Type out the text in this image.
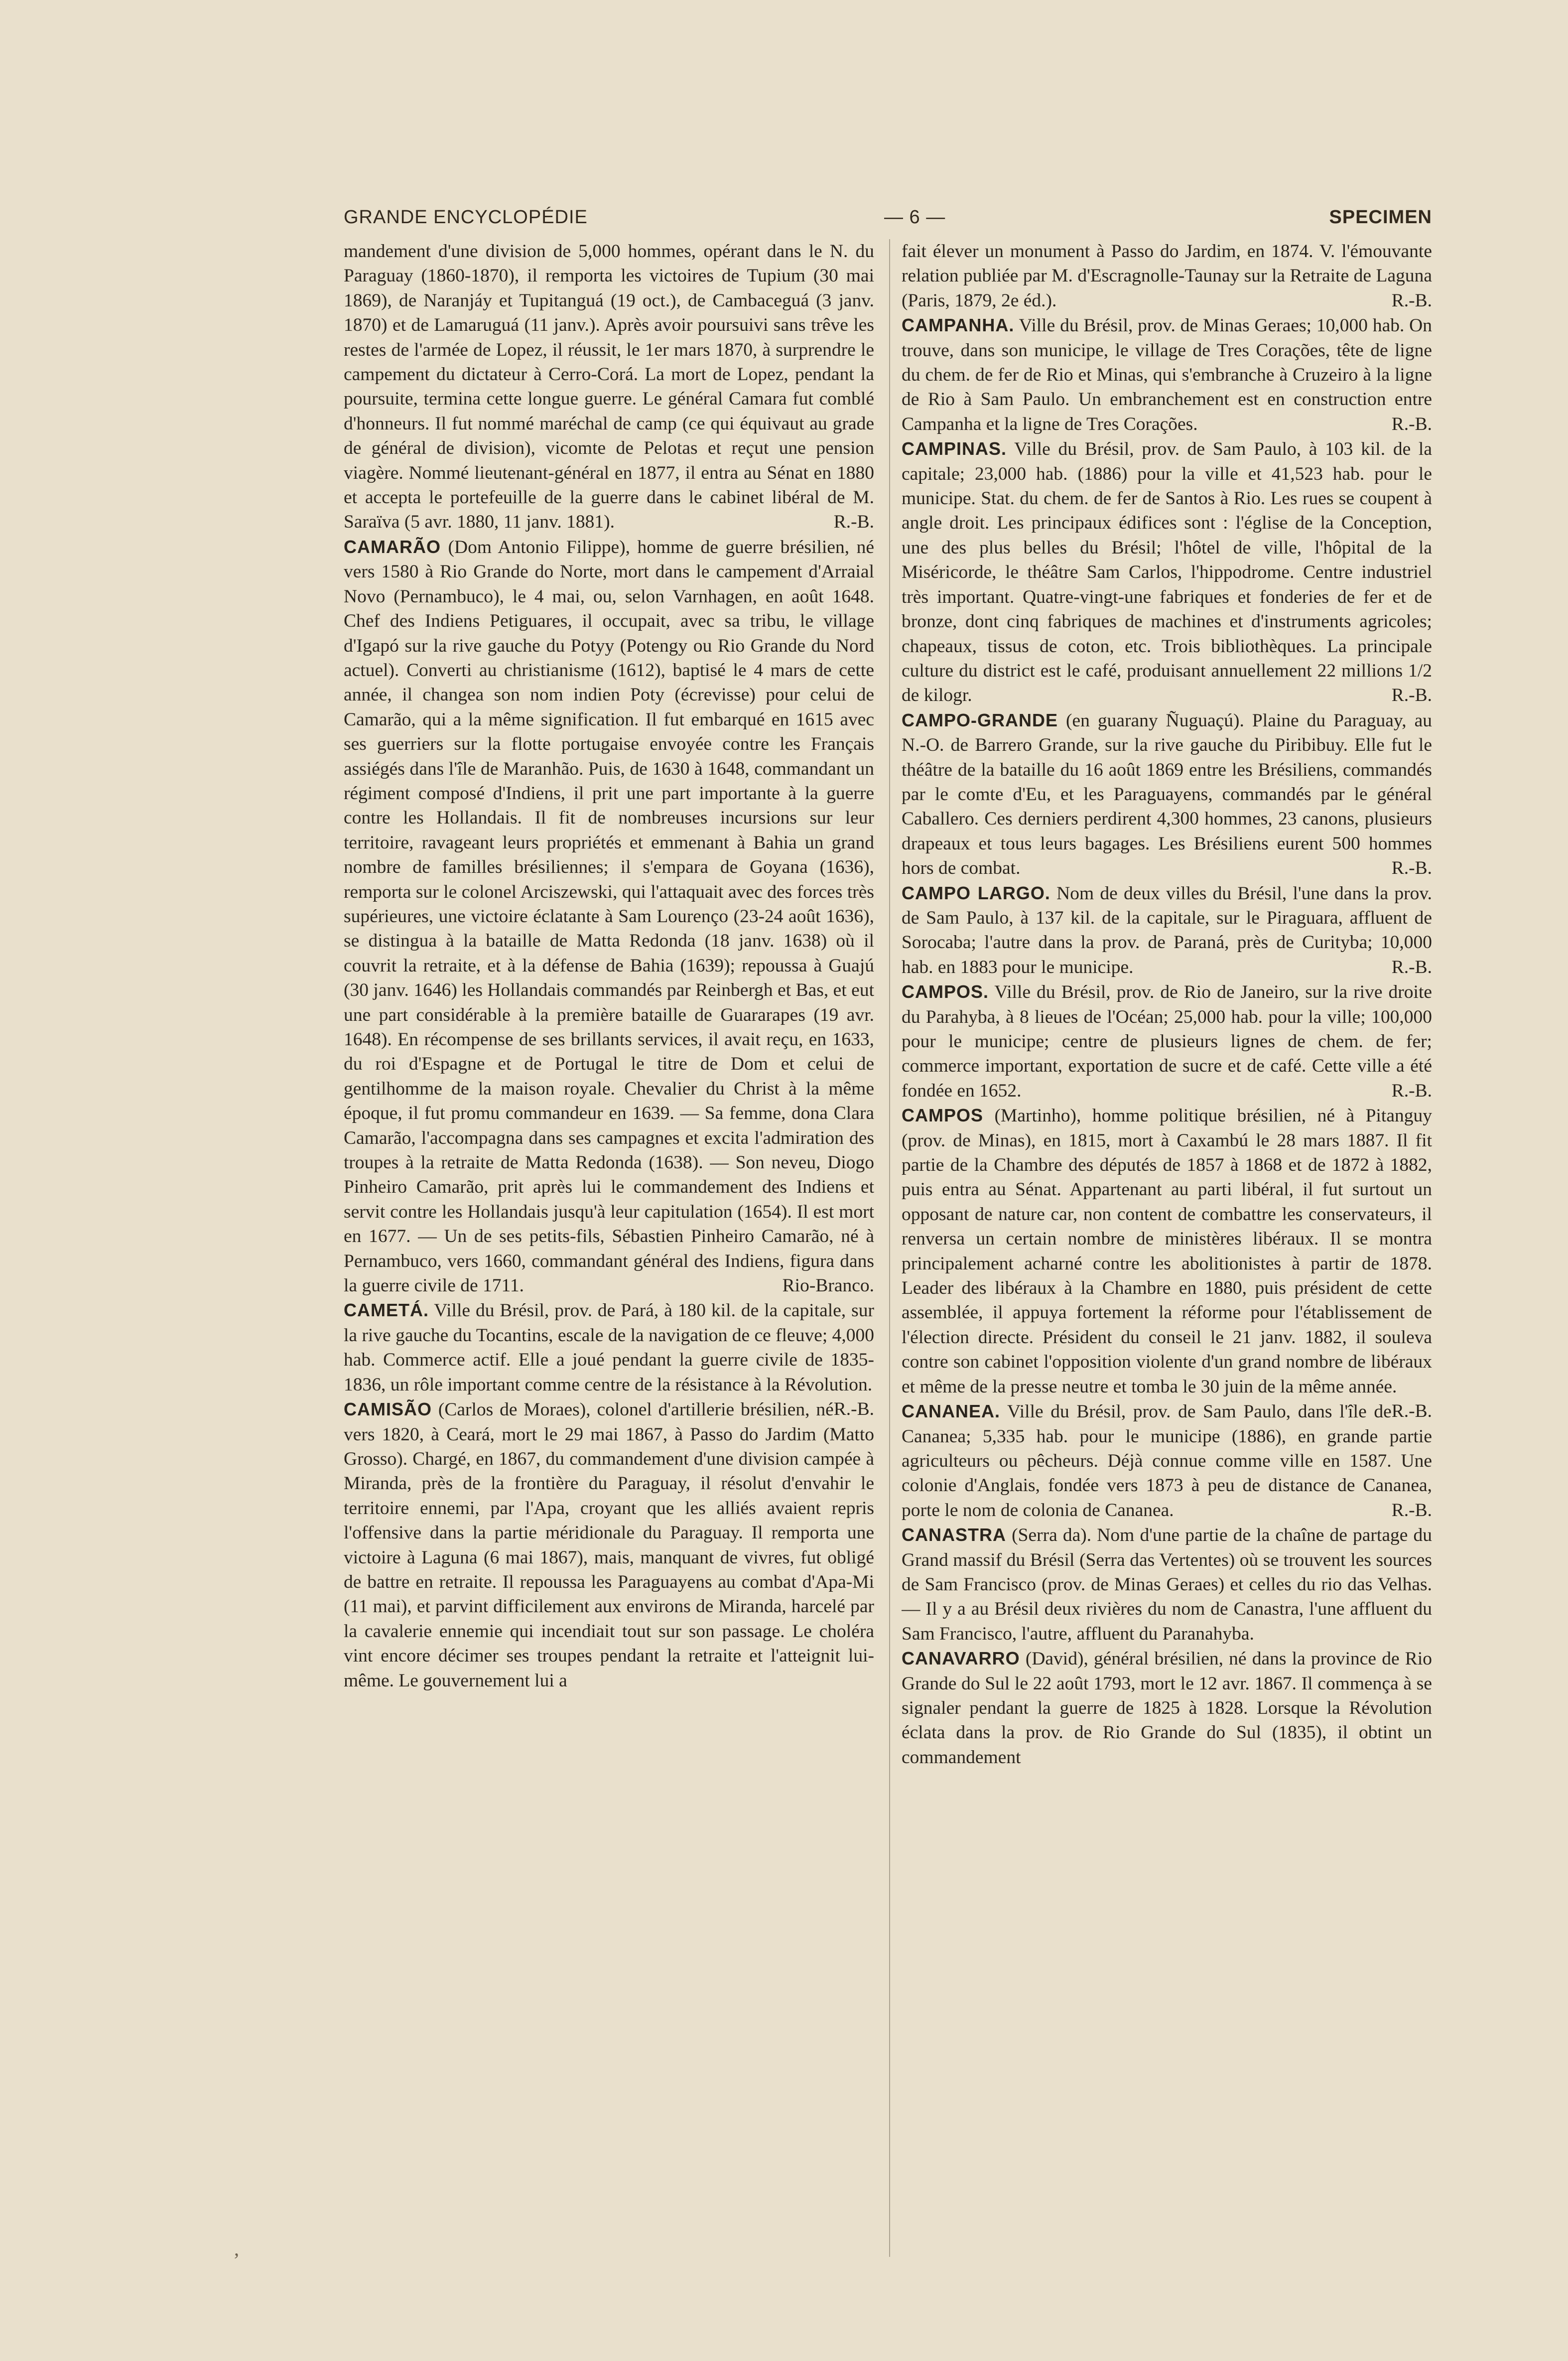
GRANDE ENCYCLOPÉDIE	— 6 —	SPECIMEN

mandement d'une division de 5,000 hommes, opérant dans le N. du Paraguay (1860-1870), il remporta les victoires de Tupium (30 mai 1869), de Naranjáy et Tupitanguá (19 oct.), de Cambaceguá (3 janv. 1870) et de Lamaruguá (11 janv.). Après avoir poursuivi sans trêve les restes de l'armée de Lopez, il réussit, le 1er mars 1870, à surprendre le campement du dictateur à Cerro-Corá. La mort de Lopez, pendant la poursuite, termina cette longue guerre. Le général Camara fut comblé d'honneurs. Il fut nommé maréchal de camp (ce qui équivaut au grade de général de division), vicomte de Pelotas et reçut une pension viagère. Nommé lieutenant-général en 1877, il entra au Sénat en 1880 et accepta le portefeuille de la guerre dans le cabinet libéral de M. Saraïva (5 avr. 1880, 11 janv. 1881).	R.-B.

CAMARÃO (Dom Antonio Filippe), homme de guerre brésilien, né vers 1580 à Rio Grande do Norte, mort dans le campement d'Arraial Novo (Pernambuco), le 4 mai, ou, selon Varnhagen, en août 1648. Chef des Indiens Petiguares, il occupait, avec sa tribu, le village d'Igapó sur la rive gauche du Potyy (Potengy ou Rio Grande du Nord actuel). Converti au christianisme (1612), baptisé le 4 mars de cette année, il changea son nom indien Poty (écrevisse) pour celui de Camarão, qui a la même signification. Il fut embarqué en 1615 avec ses guerriers sur la flotte portugaise envoyée contre les Français assiégés dans l'île de Maranhão. Puis, de 1630 à 1648, commandant un régiment composé d'Indiens, il prit une part importante à la guerre contre les Hollandais. Il fit de nombreuses incursions sur leur territoire, ravageant leurs propriétés et emmenant à Bahia un grand nombre de familles brésiliennes; il s'empara de Goyana (1636), remporta sur le colonel Arciszewski, qui l'attaquait avec des forces très supérieures, une victoire éclatante à Sam Lourenço (23-24 août 1636), se distingua à la bataille de Matta Redonda (18 janv. 1638) où il couvrit la retraite, et à la défense de Bahia (1639); repoussa à Guajú (30 janv. 1646) les Hollandais commandés par Reinbergh et Bas, et eut une part considérable à la première bataille de Guararapes (19 avr. 1648). En récompense de ses brillants services, il avait reçu, en 1633, du roi d'Espagne et de Portugal le titre de Dom et celui de gentilhomme de la maison royale. Chevalier du Christ à la même époque, il fut promu commandeur en 1639. — Sa femme, dona Clara Camarão, l'accompagna dans ses campagnes et excita l'admiration des troupes à la retraite de Matta Redonda (1638). — Son neveu, Diogo Pinheiro Camarão, prit après lui le commandement des Indiens et servit contre les Hollandais jusqu'à leur capitulation (1654). Il est mort en 1677. — Un de ses petits-fils, Sébastien Pinheiro Camarão, né à Pernambuco, vers 1660, commandant général des Indiens, figura dans la guerre civile de 1711.	Rio-Branco.

CAMETÁ. Ville du Brésil, prov. de Pará, à 180 kil. de la capitale, sur la rive gauche du Tocantins, escale de la navigation de ce fleuve; 4,000 hab. Commerce actif. Elle a joué pendant la guerre civile de 1835-1836, un rôle important comme centre de la résistance à la Révolution.
R.-B.

CAMISÃO (Carlos de Moraes), colonel d'artillerie brésilien, né vers 1820, à Ceará, mort le 29 mai 1867, à Passo do Jardim (Matto Grosso). Chargé, en 1867, du commandement d'une division campée à Miranda, près de la frontière du Paraguay, il résolut d'envahir le territoire ennemi, par l'Apa, croyant que les alliés avaient repris l'offensive dans la partie méridionale du Paraguay. Il remporta une victoire à Laguna (6 mai 1867), mais, manquant de vivres, fut obligé de battre en retraite. Il repoussa les Paraguayens au combat d'Apa-Mi (11 mai), et parvint difficilement aux environs de Miranda, harcelé par la cavalerie ennemie qui incendiait tout sur son passage. Le choléra vint encore décimer ses troupes pendant la retraite et l'atteignit lui-même. Le gouvernement lui a

fait élever un monument à Passo do Jardim, en 1874. V. l'émouvante relation publiée par M. d'Escragnolle-Taunay sur la Retraite de Laguna (Paris, 1879, 2e éd.).	R.-B.

CAMPANHA. Ville du Brésil, prov. de Minas Geraes; 10,000 hab. On trouve, dans son municipe, le village de Tres Corações, tête de ligne du chem. de fer de Rio et Minas, qui s'embranche à Cruzeiro à la ligne de Rio à Sam Paulo. Un embranchement est en construction entre Campanha et la ligne de Tres Corações.	R.-B.

CAMPINAS. Ville du Brésil, prov. de Sam Paulo, à 103 kil. de la capitale; 23,000 hab. (1886) pour la ville et 41,523 hab. pour le municipe. Stat. du chem. de fer de Santos à Rio. Les rues se coupent à angle droit. Les principaux édifices sont : l'église de la Conception, une des plus belles du Brésil; l'hôtel de ville, l'hôpital de la Miséricorde, le théâtre Sam Carlos, l'hippodrome. Centre industriel très important. Quatre-vingt-une fabriques et fonderies de fer et de bronze, dont cinq fabriques de machines et d'instruments agricoles; chapeaux, tissus de coton, etc. Trois bibliothèques. La principale culture du district est le café, produisant annuellement 22 millions 1/2 de kilogr.	R.-B.

CAMPO-GRANDE (en guarany Ñuguaçú). Plaine du Paraguay, au N.-O. de Barrero Grande, sur la rive gauche du Piribibuy. Elle fut le théâtre de la bataille du 16 août 1869 entre les Brésiliens, commandés par le comte d'Eu, et les Paraguayens, commandés par le général Caballero. Ces derniers perdirent 4,300 hommes, 23 canons, plusieurs drapeaux et tous leurs bagages. Les Brésiliens eurent 500 hommes hors de combat.	R.-B.

CAMPO LARGO. Nom de deux villes du Brésil, l'une dans la prov. de Sam Paulo, à 137 kil. de la capitale, sur le Piraguara, affluent de Sorocaba; l'autre dans la prov. de Paraná, près de Curityba; 10,000 hab. en 1883 pour le municipe.	R.-B.

CAMPOS. Ville du Brésil, prov. de Rio de Janeiro, sur la rive droite du Parahyba, à 8 lieues de l'Océan; 25,000 hab. pour la ville; 100,000 pour le municipe; centre de plusieurs lignes de chem. de fer; commerce important, exportation de sucre et de café. Cette ville a été fondée en 1652.	R.-B.

CAMPOS (Martinho), homme politique brésilien, né à Pitanguy (prov. de Minas), en 1815, mort à Caxambú le 28 mars 1887. Il fit partie de la Chambre des députés de 1857 à 1868 et de 1872 à 1882, puis entra au Sénat. Appartenant au parti libéral, il fut surtout un opposant de nature car, non content de combattre les conservateurs, il renversa un certain nombre de ministères libéraux. Il se montra principalement acharné contre les abolitionistes à partir de 1878. Leader des libéraux à la Chambre en 1880, puis président de cette assemblée, il appuya fortement la réforme pour l'établissement de l'élection directe. Président du conseil le 21 janv. 1882, il souleva contre son cabinet l'opposition violente d'un grand nombre de libéraux et même de la presse neutre et tomba le 30 juin de la même année.
R.-B.

CANANEA. Ville du Brésil, prov. de Sam Paulo, dans l'île de Cananea; 5,335 hab. pour le municipe (1886), en grande partie agriculteurs ou pêcheurs. Déjà connue comme ville en 1587. Une colonie d'Anglais, fondée vers 1873 à peu de distance de Cananea, porte le nom de colonia de Cananea.	R.-B.

CANASTRA (Serra da). Nom d'une partie de la chaîne de partage du Grand massif du Brésil (Serra das Vertentes) où se trouvent les sources de Sam Francisco (prov. de Minas Geraes) et celles du rio das Velhas. — Il y a au Brésil deux rivières du nom de Canastra, l'une affluent du Sam Francisco, l'autre, affluent du Paranahyba.

CANAVARRO (David), général brésilien, né dans la province de Rio Grande do Sul le 22 août 1793, mort le 12 avr. 1867. Il commença à se signaler pendant la guerre de 1825 à 1828. Lorsque la Révolution éclata dans la prov. de Rio Grande do Sul (1835), il obtint un commandement

,
